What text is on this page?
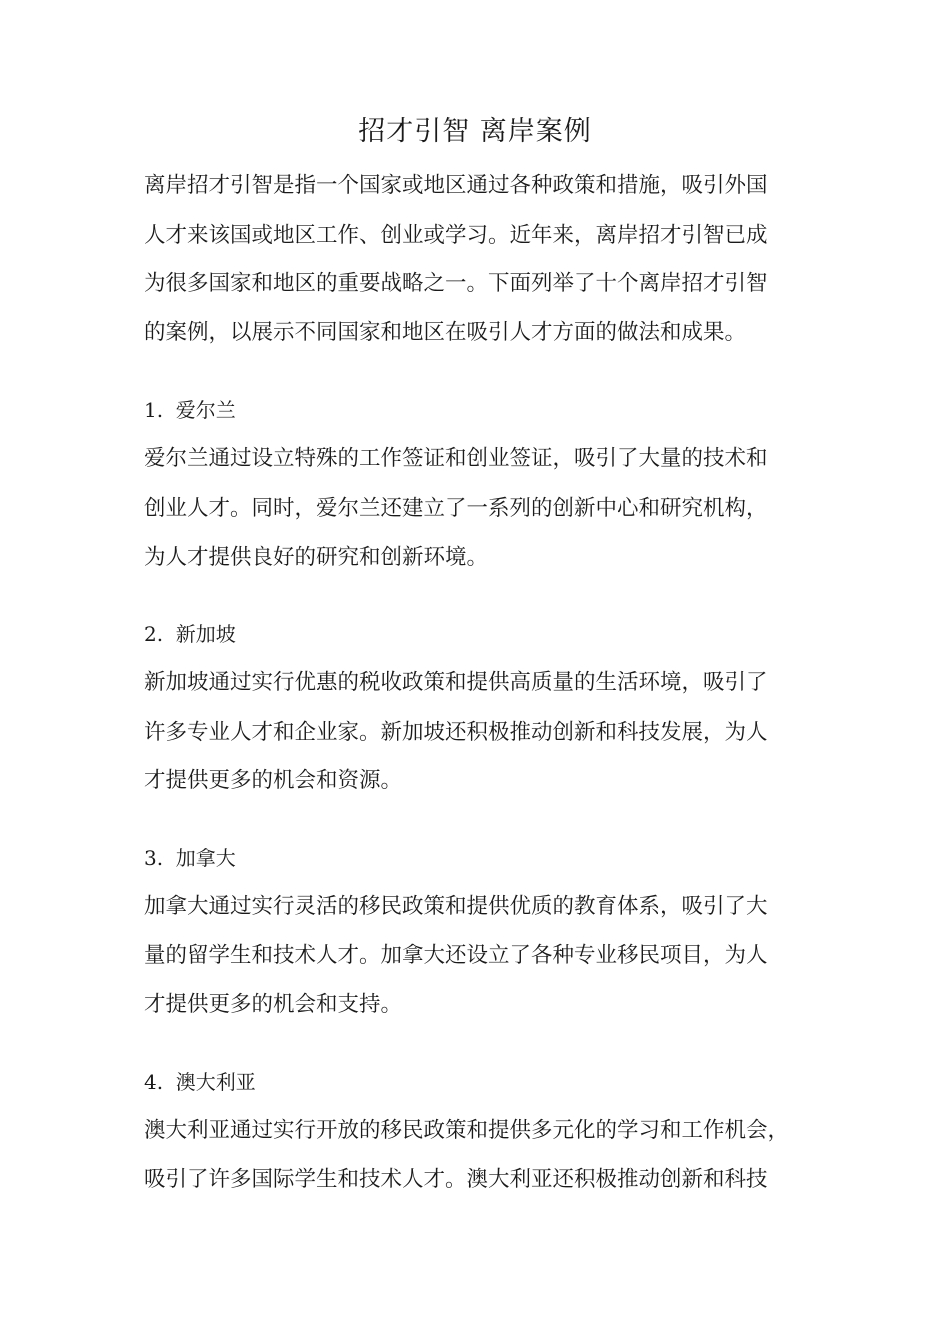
招才引智 离岸案例
离岸招才引智是指一个国家或地区通过各种政策和措施，吸引外国
人才来该国或地区工作、创业或学习。近年来，离岸招才引智已成
为很多国家和地区的重要战略之一。下面列举了十个离岸招才引智
的案例，以展示不同国家和地区在吸引人才方面的做法和成果。
1.  爱尔兰
爱尔兰通过设立特殊的工作签证和创业签证，吸引了大量的技术和
创业人才。同时，爱尔兰还建立了一系列的创新中心和研究机构，
为人才提供良好的研究和创新环境。
2.  新加坡
新加坡通过实行优惠的税收政策和提供高质量的生活环境，吸引了
许多专业人才和企业家。新加坡还积极推动创新和科技发展，为人
才提供更多的机会和资源。
3.  加拿大
加拿大通过实行灵活的移民政策和提供优质的教育体系，吸引了大
量的留学生和技术人才。加拿大还设立了各种专业移民项目，为人
才提供更多的机会和支持。
4.  澳大利亚
澳大利亚通过实行开放的移民政策和提供多元化的学习和工作机会，
吸引了许多国际学生和技术人才。澳大利亚还积极推动创新和科技
